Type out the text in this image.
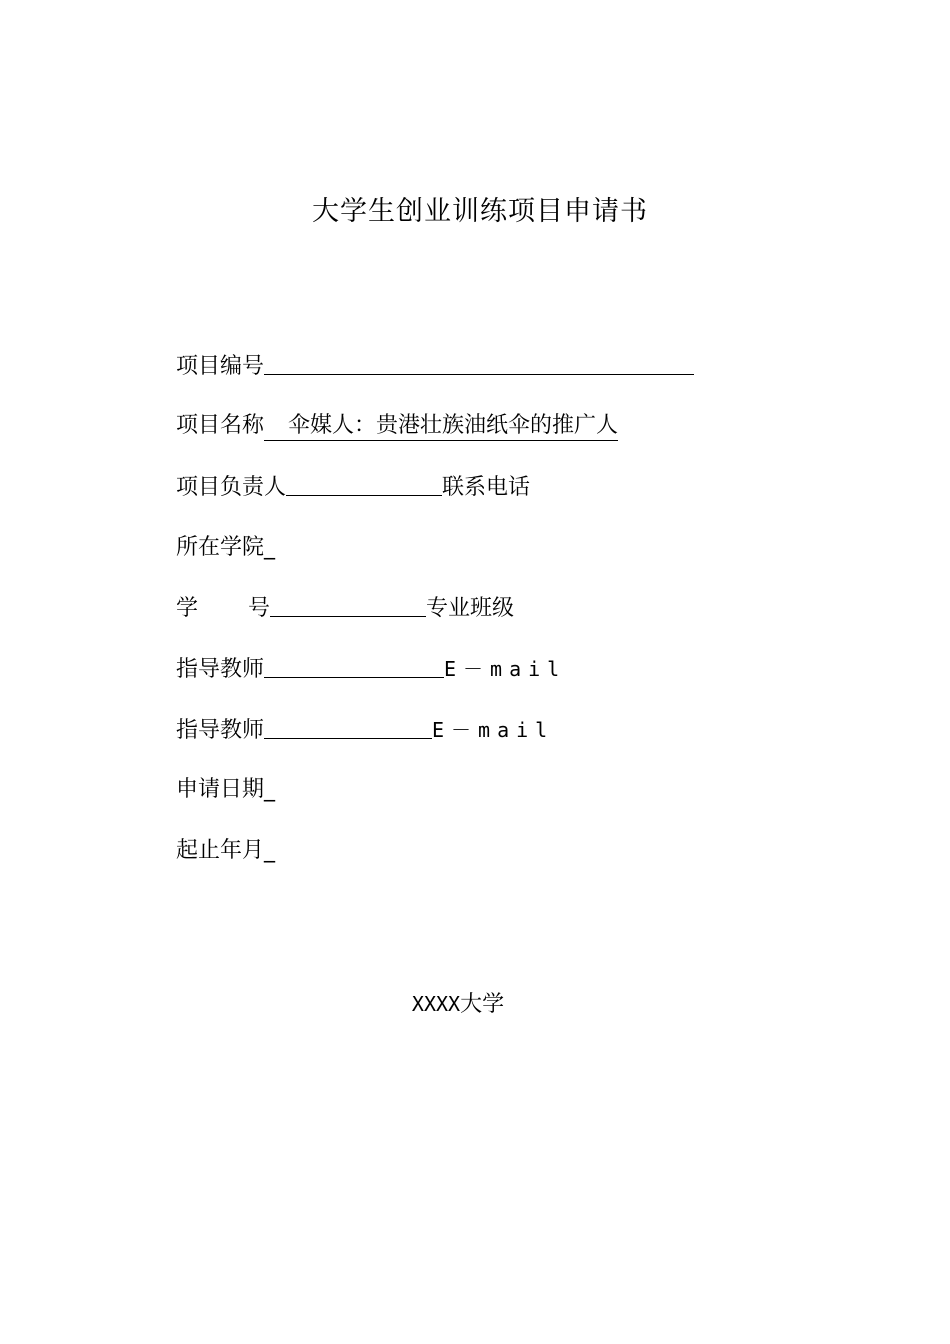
大学生创业训练项目申请书
项目编号
项目名称 伞媒人：贵港壮族油纸伞的推广人
项目负责人	联系电话
所在学院_
学 号	专业班级
指导教师	E－mail
指导教师	E－mail
申请日期_
起止年月_
XXXX大学
